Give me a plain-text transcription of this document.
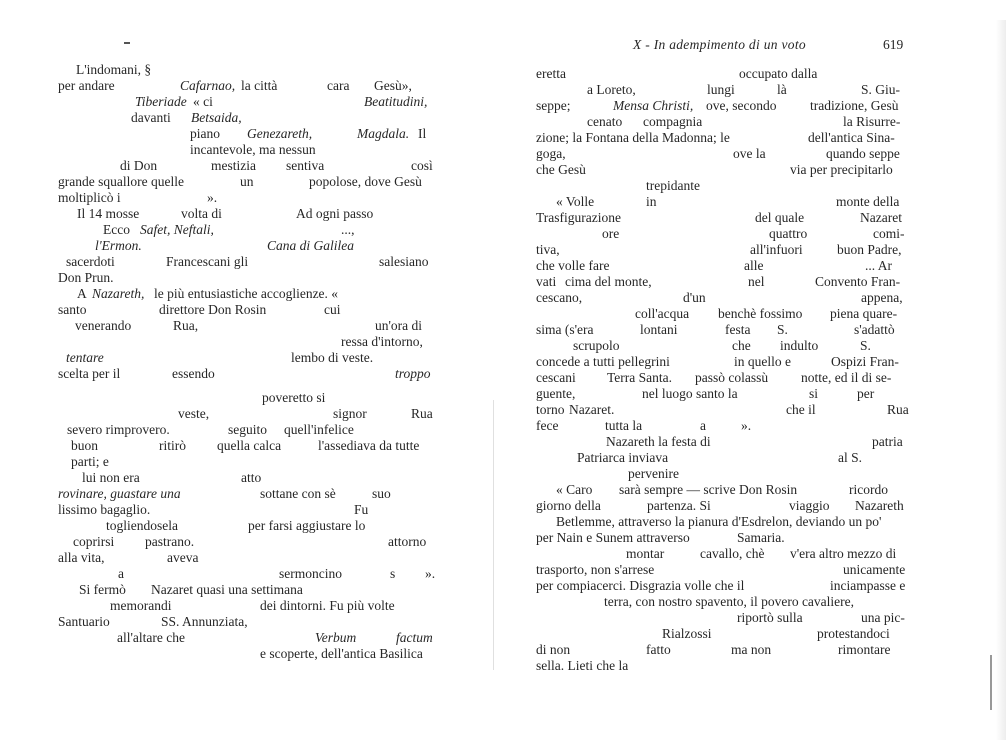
L'indomani, §
per andare	Cafarnao, la città	cara Gesù»,
Tiberiade « ci	Beatitudini,
davanti Betsaida,
piano Genezareth,	Magdala. Il
incantevole, ma nessun
di Don	mestizia sentiva	così
grande squallore quelle	un	popolose, dove Gesù
moltiplicò i	».
Il 14 mosse	volta di	Ad ogni passo
Ecco Safet, Neftali,	...,
l'Ermon.	Cana di Galilea
sacerdoti	Francescani gli	salesiano
Don Prun.
A Nazareth, le più entusiastiche accoglienze. «
santo	direttore Don Rosin	cui
venerando	Rua,	un'ora di
ressa d'intorno,
tentare	lembo di veste.
scelta per il	essendo	troppo
poveretto si
veste,	signor	Rua
severo rimprovero.	seguito quell'infelice
buon	ritirò quella calca	l'assediava da tutte
parti; e
lui non era	atto
rovinare, guastare una	sottane con sè	suo
lissimo bagaglio.	Fu
togliendosela	per farsi aggiustare lo
coprirsi pastrano.	attorno
alla vita,	aveva
a	sermoncino	s ».
Si fermò Nazaret quasi una settimana
memorandi	dei dintorni. Fu più volte
Santuario	SS. Annunziata,
all'altare che	Verbum	factum
e scoperte, dell'antica Basilica
X - In adempimento di un voto	619
eretta	occupato dalla
a Loreto,	lungi	là	S. Giu-
seppe;	Mensa Christi, ove, secondo tradizione, Gesù
cenato compagnia	la Risurre-
zione; la Fontana della Madonna; le	dell'antica Sina-
goga,	ove la	quando seppe
che Gesù	via per precipitarlo
trepidante
« Volle	in	monte della
Trasfigurazione	del quale	Nazaret
ore	quattro	comi-
tiva,	all'infuori	buon Padre,
che volle fare	alle	... Ar
vati cima del monte,	nel	Convento Fran-
cescano,	d'un	appena,
coll'acqua benchè fossimo piena quare-
sima (s'era	lontani	festa S.	s'adattò
scrupolo	che indulto	S.
concede a tutti pellegrini	in quello e	Ospizi Fran-
cescani Terra Santa. passò colassù notte, ed il di se-
guente,	nel luogo santo la	si	per
torno Nazaret.	che il	Rua
fece	tutta la	a	».
Nazareth la festa di	patria
Patriarca inviava	al S.
pervenire
« Caro sarà sempre — scrive Don Rosin	ricordo
giorno della	partenza. Si	viaggio Nazareth
Betlemme, attraverso la pianura d'Esdrelon, deviando un po'
per Nain e Sunem attraverso	Samaria.
montar	cavallo, chè v'era altro mezzo di
trasporto, non s'arrese	unicamente
per compiacerci. Disgrazia volle che il	inciampasse e
terra, con nostro spavento, il povero cavaliere,
riportò sulla	una pic-
Rialzossi	protestandoci
di non	fatto	ma non	rimontare
sella. Lieti che la
